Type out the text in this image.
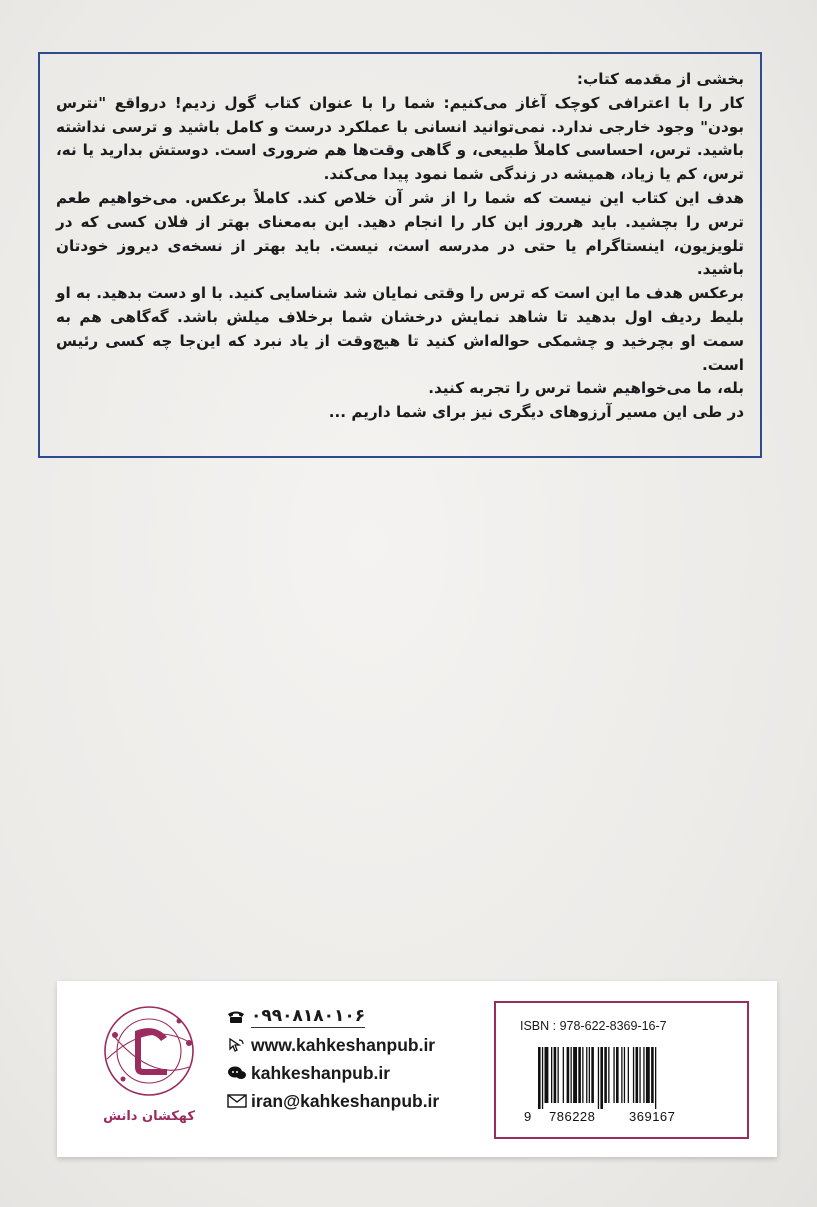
بخشی از مقدمه کتاب:

کار را با اعترافی کوچک آغاز می‌کنیم: شما را با عنوان کتاب گول زدیم! درواقع "نترس بودن" وجود خارجی ندارد. نمی‌توانید انسانی با عملکرد درست و کامل باشید و ترسی نداشته باشید. ترس، احساسی کاملاً طبیعی، و گاهی وقت‌ها هم ضروری است. دوستش بدارید یا نه، ترس، کم یا زیاد، همیشه در زندگی شما نمود پیدا می‌کند.

هدف این کتاب این نیست که شما را از شر آن خلاص کند. کاملاً برعکس. می‌خواهیم طعم ترس را بچشید. باید هرروز این کار را انجام دهید. این به‌معنای بهتر از فلان کسی که در تلویزیون، اینستاگرام یا حتی در مدرسه است، نیست. باید بهتر از نسخه‌ی دیروز خودتان باشید.

برعکس هدف ما این است که ترس را وقتی نمایان شد شناسایی کنید. با او دست بدهید. به او بلیط ردیف اول بدهید تا شاهد نمایش درخشان شما برخلاف میلش باشد. گه‌گاهی هم به سمت او بچرخید و چشمکی حواله‌اش کنید تا هیچ‌وقت از یاد نبرد که این‌جا چه کسی رئیس است.

بله، ما می‌خواهیم شما ترس را تجربه کنید.

در طی این مسیر آرزوهای دیگری نیز برای شما داریم ...

کهکشان دانش
۰۹۹۰۸۱۸۰۱۰۶
www.kahkeshanpub.ir
kahkeshanpub.ir
iran@kahkeshanpub.ir
ISBN : 978-622-8369-16-7
9 786228	369167
